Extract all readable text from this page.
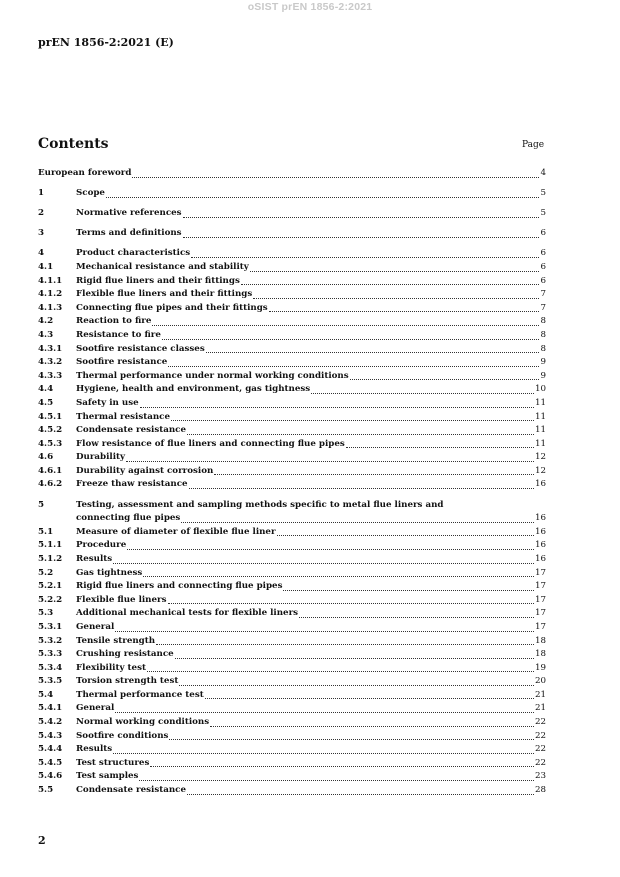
oSIST prEN 1856-2:2021
prEN 1856-2:2021 (E)
Contents	Page
European foreword	4
1	Scope	5
2	Normative references	5
3	Terms and definitions	6
4	Product characteristics	6
4.1	Mechanical resistance and stability	6
4.1.1	Rigid flue liners and their fittings	6
4.1.2	Flexible flue liners and their fittings	7
4.1.3	Connecting flue pipes and their fittings	7
4.2	Reaction to fire	8
4.3	Resistance to fire	8
4.3.1	Sootfire resistance classes	8
4.3.2	Sootfire resistance	9
4.3.3	Thermal performance under normal working conditions	9
4.4	Hygiene, health and environment, gas tightness	10
4.5	Safety in use	11
4.5.1	Thermal resistance	11
4.5.2	Condensate resistance	11
4.5.3	Flow resistance of flue liners and connecting flue pipes	11
4.6	Durability	12
4.6.1	Durability against corrosion	12
4.6.2	Freeze thaw resistance	16
5	Testing, assessment and sampling methods specific to metal flue liners and
connecting flue pipes	16
5.1	Measure of diameter of flexible flue liner	16
5.1.1	Procedure	16
5.1.2	Results	16
5.2	Gas tightness	17
5.2.1	Rigid flue liners and connecting flue pipes	17
5.2.2	Flexible flue liners	17
5.3	Additional mechanical tests for flexible liners	17
5.3.1	General	17
5.3.2	Tensile strength	18
5.3.3	Crushing resistance	18
5.3.4	Flexibility test	19
5.3.5	Torsion strength test	20
5.4	Thermal performance test	21
5.4.1	General	21
5.4.2	Normal working conditions	22
5.4.3	Sootfire conditions	22
5.4.4	Results	22
5.4.5	Test structures	22
5.4.6	Test samples	23
5.5	Condensate resistance	28
2
